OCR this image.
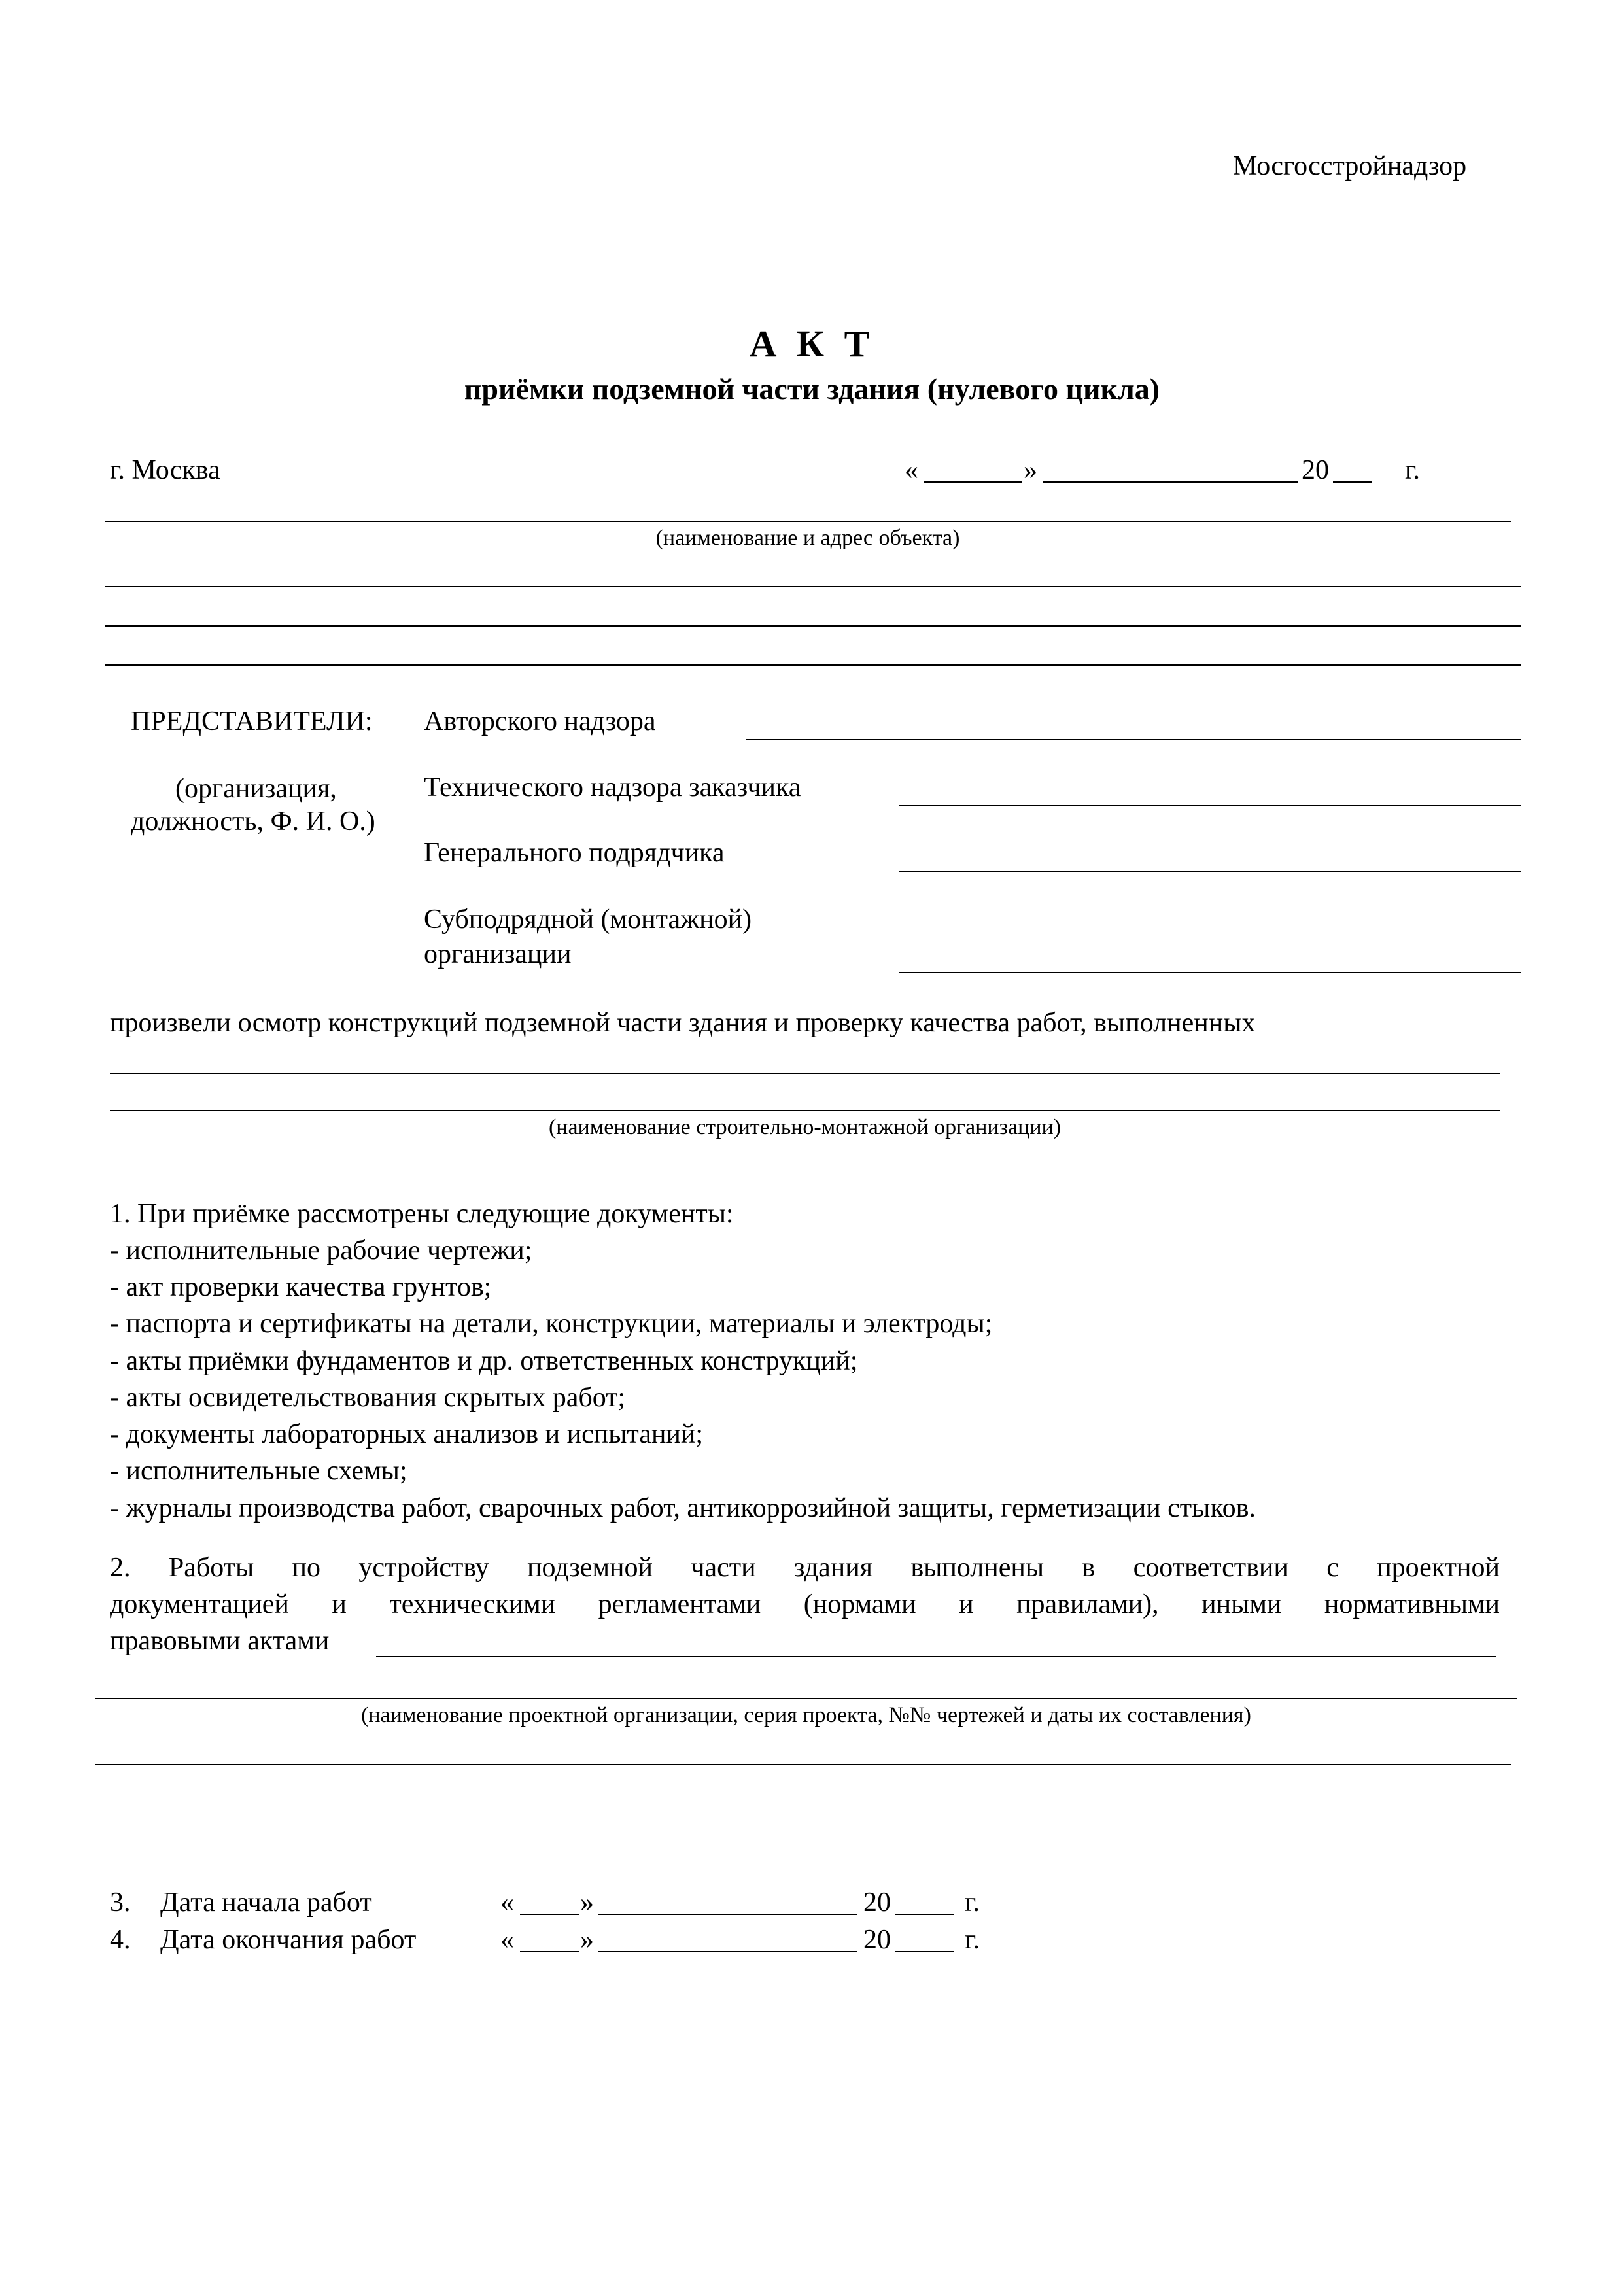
Мосгосстройнадзор
А К Т
приёмки подземной части здания (нулевого цикла)
г. Москва	«	»	20	г.
(наименование и адрес объекта)
ПРЕДСТАВИТЕЛИ: Авторского надзора
(организация,
должность, Ф. И. О.)
Технического надзора заказчика
Генерального подрядчика
Субподрядной (монтажной)
организации
произвели осмотр конструкций подземной части здания и проверку качества работ, выполненных
(наименование строительно-монтажной организации)
1. При приёмке рассмотрены следующие документы:
- исполнительные рабочие чертежи;
- акт проверки качества грунтов;
- паспорта и сертификаты на детали, конструкции, материалы и электроды;
- акты приёмки фундаментов и др. ответственных конструкций;
- акты освидетельствования скрытых работ;
- документы лабораторных анализов и испытаний;
- исполнительные схемы;
- журналы производства работ, сварочных работ, антикоррозийной защиты, герметизации стыков.
2. Работы по устройству подземной части здания выполнены в соответствии с проектной
документацией и техническими регламентами (нормами и правилами), иными нормативными
правовыми актами
(наименование проектной организации, серия проекта, №№ чертежей и даты их составления)
3. Дата начала работ	« »	20	г.
4. Дата окончания работ	« »	20	г.
